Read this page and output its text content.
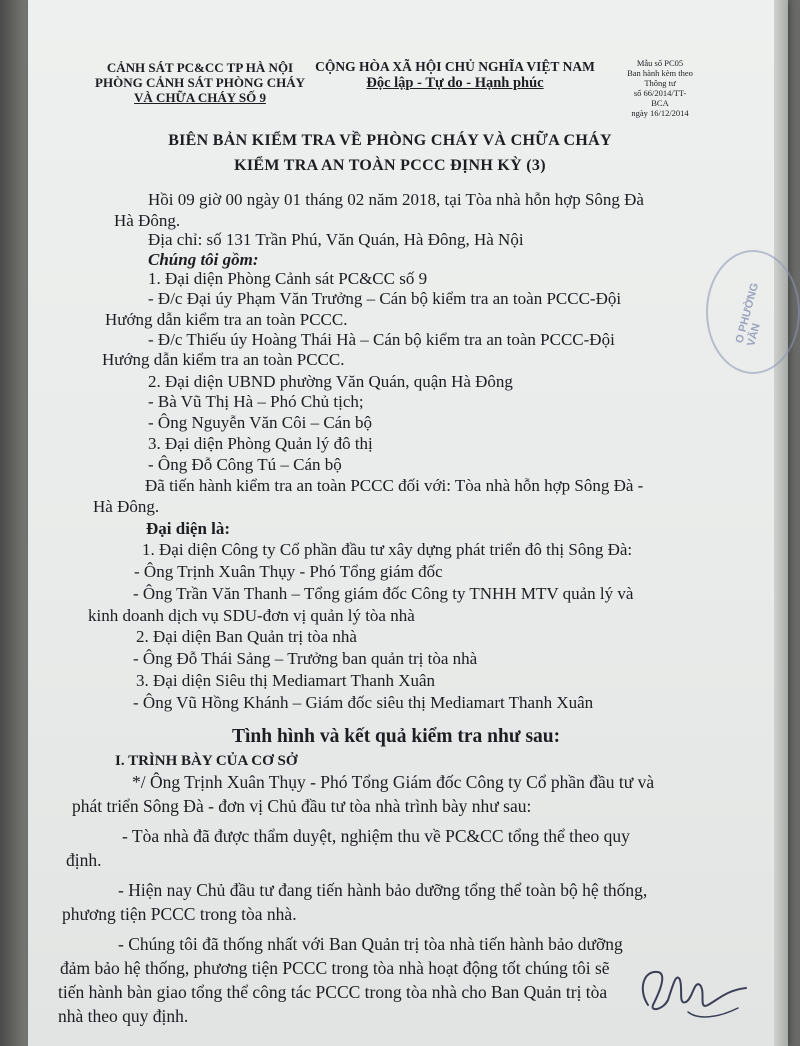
CẢNH SÁT PC&CC TP HÀ NỘI
PHÒNG CẢNH SÁT PHÒNG CHÁY
VÀ CHỮA CHÁY SỐ 9
CỘNG HÒA XÃ HỘI CHỦ NGHĨA VIỆT NAM
Độc lập - Tự do - Hạnh phúc
Mẫu số PC05
Ban hành kèm theo
Thông tư
số 66/2014/TT-
BCA
ngày 16/12/2014
BIÊN BẢN KIỂM TRA VỀ PHÒNG CHÁY VÀ CHỮA CHÁY
KIỂM TRA AN TOÀN PCCC ĐỊNH KỲ (3)
Hồi 09 giờ 00 ngày 01 tháng 02 năm 2018, tại Tòa nhà hỗn hợp Sông Đà
Hà Đông.
Địa chỉ: số 131 Trần Phú, Văn Quán, Hà Đông, Hà Nội
Chúng tôi gồm:
1. Đại diện Phòng Cảnh sát PC&CC số 9
- Đ/c Đại úy Phạm Văn Trưởng – Cán bộ kiểm tra an toàn PCCC-Đội
Hướng dẫn kiểm tra an toàn PCCC.
- Đ/c Thiếu úy Hoàng Thái Hà – Cán bộ kiểm tra an toàn PCCC-Đội
Hướng dẫn kiểm tra an toàn PCCC.
2. Đại diện UBND phường Văn Quán, quận Hà Đông
- Bà Vũ Thị Hà – Phó Chủ tịch;
- Ông Nguyễn Văn Côi – Cán bộ
3. Đại diện Phòng Quản lý đô thị
- Ông Đỗ Công Tú – Cán bộ
Đã tiến hành kiểm tra an toàn PCCC đối với: Tòa nhà hỗn hợp Sông Đà -
Hà Đông.
Đại diện là:
1. Đại diện Công ty Cổ phần đầu tư xây dựng phát triển đô thị Sông Đà:
- Ông Trịnh Xuân Thụy - Phó Tổng giám đốc
- Ông Trần Văn Thanh – Tổng giám đốc Công ty TNHH MTV quản lý và
kinh doanh dịch vụ SDU-đơn vị quản lý tòa nhà
2. Đại diện Ban Quản trị tòa nhà
- Ông Đỗ Thái Sảng – Trưởng ban quản trị tòa nhà
3. Đại diện Siêu thị Mediamart Thanh Xuân
- Ông Vũ Hồng Khánh – Giám đốc siêu thị Mediamart Thanh Xuân
Tình hình và kết quả kiểm tra như sau:
I. TRÌNH BÀY CỦA CƠ SỞ
*/ Ông Trịnh Xuân Thụy - Phó Tổng Giám đốc Công ty Cổ phần đầu tư và
phát triển Sông Đà - đơn vị Chủ đầu tư tòa nhà trình bày như sau:
- Tòa nhà đã được thẩm duyệt, nghiệm thu về PC&CC tổng thể theo quy
định.
- Hiện nay Chủ đầu tư đang tiến hành bảo dưỡng tổng thể toàn bộ hệ thống,
phương tiện PCCC trong tòa nhà.
- Chúng tôi đã thống nhất với Ban Quản trị tòa nhà tiến hành bảo dưỡng
đảm bảo hệ thống, phương tiện PCCC trong tòa nhà hoạt động tốt chúng tôi sẽ
tiến hành bàn giao tổng thể công tác PCCC trong tòa nhà cho Ban Quản trị tòa
nhà theo quy định.
O PHƯỜNG VĂN
